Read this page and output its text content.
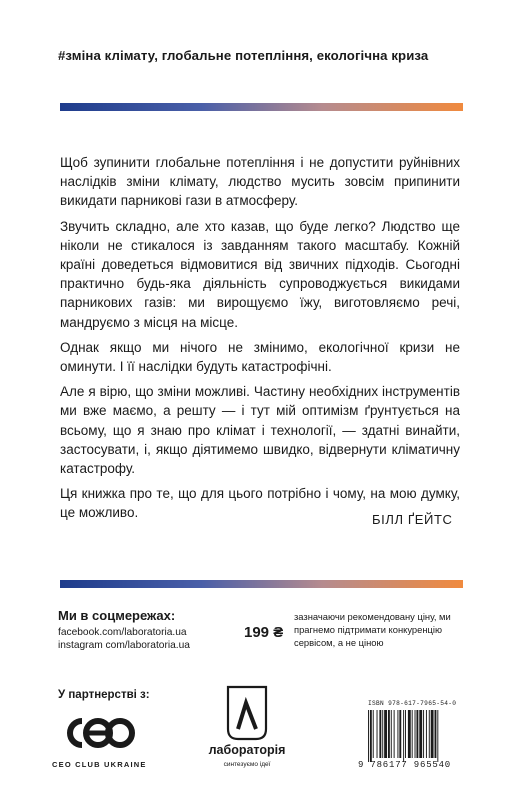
#зміна клімату, глобальне потепління, екологічна криза

Щоб зупинити глобальне потепління і не допустити руйнівних наслідків зміни клімату, людство мусить зовсім припинити викидати парникові гази в атмосферу.

Звучить складно, але хто казав, що буде легко? Людство ще ніколи не стикалося із завданням такого масштабу. Кожній країні доведеться відмовитися від звичних підходів. Сьогодні практично будь-яка діяльність супроводжується викидами парникових газів: ми вирощуємо їжу, виготовляємо речі, мандруємо з місця на місце.

Однак якщо ми нічого не змінимо, екологічної кризи не оминути. І її наслідки будуть катастрофічні.

Але я вірю, що зміни можливі. Частину необхідних інструментів ми вже маємо, а решту — і тут мій оптимізм ґрунтується на всьому, що я знаю про клімат і технології, — здатні винайти, застосувати, і, якщо діятимемо швидко, відвернути кліматичну катастрофу.

Ця книжка про те, що для цього потрібно і чому, на мою думку, це можливо.	БІЛЛ ҐЕЙТС
Ми в соцмережах:
facebook.com/laboratoria.ua
instagram com/laboratoria.ua
199 ₴
зазначаючи рекомендовану ціну, ми прагнемо підтримати конкуренцію сервісом, а не ціною
У партнерстві з:
CEO CLUB UKRAINE
лабораторія
синтезуємо ідеї
ISBN 978-617-7965-54-0
9 786177 965540
